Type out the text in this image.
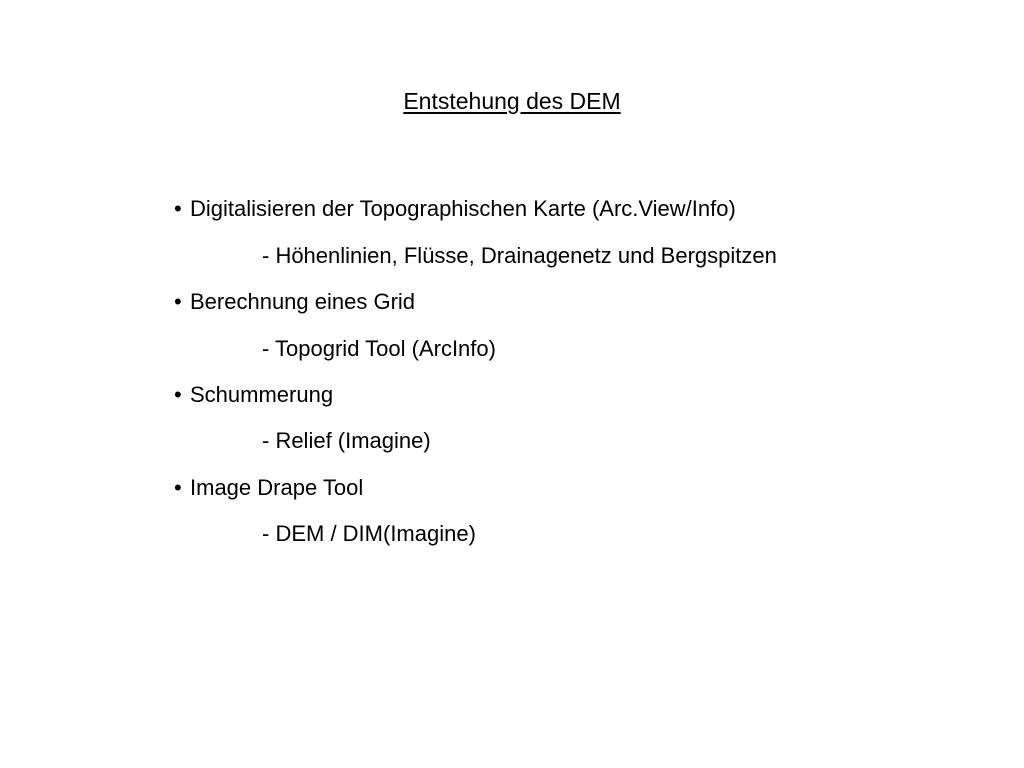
Entstehung des DEM
• Digitalisieren der Topographischen Karte (Arc.View/Info)
- Höhenlinien, Flüsse, Drainagenetz und Bergspitzen
• Berechnung eines Grid
- Topogrid Tool (ArcInfo)
• Schummerung
- Relief (Imagine)
• Image Drape Tool
- DEM / DIM(Imagine)
